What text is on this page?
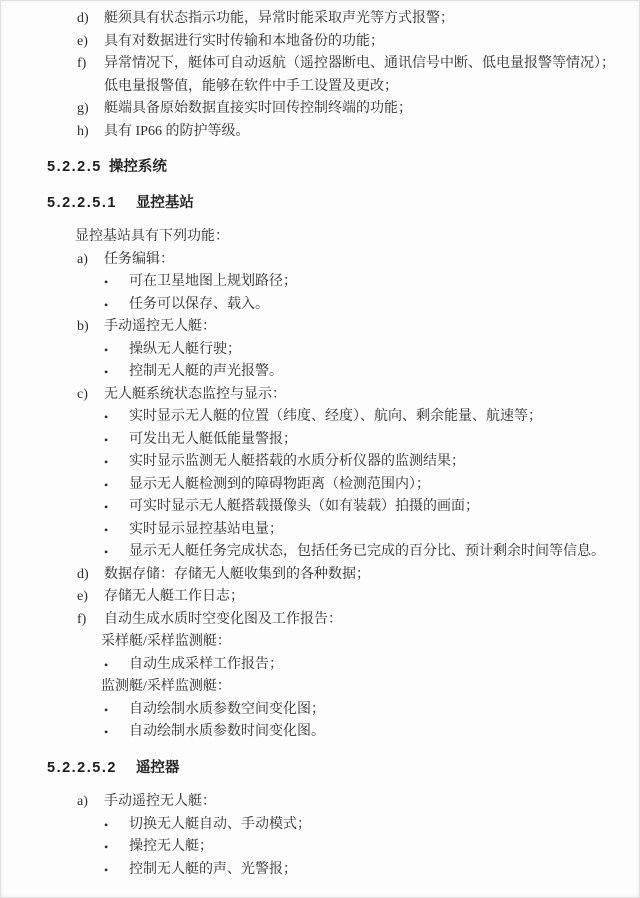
d)	艇须具有状态指示功能，异常时能采取声光等方式报警；
e)	具有对数据进行实时传输和本地备份的功能；
f)	异常情况下，艇体可自动返航（遥控器断电、通讯信号中断、低电量报警等情况）；
低电量报警值，能够在软件中手工设置及更改；
g)	艇端具备原始数据直接实时回传控制终端的功能；
h)	具有 IP66 的防护等级。
5.2.2.5 操控系统
5.2.2.5.1 显控基站
显控基站具有下列功能：
a)	任务编辑：
•	可在卫星地图上规划路径；
•	任务可以保存、载入。
b)	手动遥控无人艇：
•	操纵无人艇行驶；
•	控制无人艇的声光报警。
c)	无人艇系统状态监控与显示：
•	实时显示无人艇的位置（纬度、经度）、航向、剩余能量、航速等；
•	可发出无人艇低能量警报；
•	实时显示监测无人艇搭载的水质分析仪器的监测结果；
•	显示无人艇检测到的障碍物距离（检测范围内）；
•	可实时显示无人艇搭载摄像头（如有装载）拍摄的画面；
•	实时显示显控基站电量；
•	显示无人艇任务完成状态，包括任务已完成的百分比、预计剩余时间等信息。
d)	数据存储：存储无人艇收集到的各种数据；
e)	存储无人艇工作日志；
f)	自动生成水质时空变化图及工作报告：
采样艇/采样监测艇：
•	自动生成采样工作报告；
监测艇/采样监测艇：
•	自动绘制水质参数空间变化图；
•	自动绘制水质参数时间变化图。
5.2.2.5.2 遥控器
a)	手动遥控无人艇：
•	切换无人艇自动、手动模式；
•	操控无人艇；
•	控制无人艇的声、光警报；
